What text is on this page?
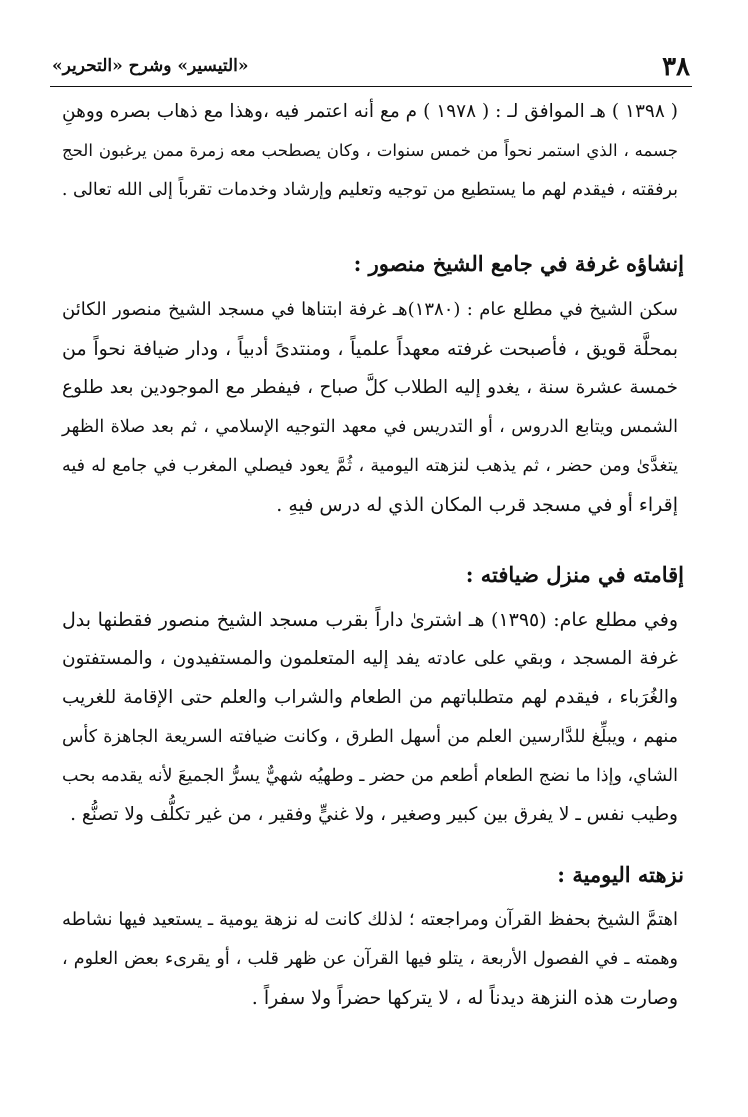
٣٨
«التيسير» وشرح «التحرير»
( ١٣٩٨ ) هـ الموافق لـ : ( ١٩٧٨ ) م مع أنه اعتمر فيه ،وهذا مع ذهاب بصره ووهنِ
جسمه ، الذي استمر نحواً من خمس سنوات ، وكان يصطحب معه زمرة ممن يرغبون الحج
برفقته ، فيقدم لهم ما يستطيع من توجيه وتعليم وإرشاد وخدمات تقرباً إلى الله تعالى .
إنشاؤه غرفة في جامع الشيخ منصور :
سكن الشيخ في مطلع عام : (١٣٨٠)هـ غرفة ابتناها في مسجد الشيخ منصور الكائن
بمحلَّة قويق ، فأصبحت غرفته معهداً علمياً ، ومنتدىً أدبياً ، ودار ضيافة نحواً من
خمسة عشرة سنة ، يغدو إليه الطلاب كلَّ صباح ، فيفطر مع الموجودين بعد طلوع
الشمس ويتابع الدروس ، أو التدريس في معهد التوجيه الإسلامي ، ثم بعد صلاة الظهر
يتغدَّىٰ ومن حضر ، ثم يذهب لنزهته اليومية ، ثُمَّ يعود فيصلي المغرب في جامع له فيه
إقراء أو في مسجد قرب المكان الذي له درس فيهِ .
إقامته في منزل ضيافته :
وفي مطلع عام: (١٣٩٥) هـ اشترىٰ داراً بقرب مسجد الشيخ منصور فقطنها بدل
غرفة المسجد ، وبقي على عادته يفد إليه المتعلمون والمستفيدون ، والمستفتون
والغُرَباء ، فيقدم لهم متطلباتهم من الطعام والشراب والعلم حتى الإقامة للغريب
منهم ، ويبلِّغ للدَّارسين العلم من أسهل الطرق ، وكانت ضيافته السريعة الجاهزة كأس
الشاي، وإذا ما نضج الطعام أطعم من حضر ـ وطهيُه شهيٌّ يسرُّ الجميعَ لأنه يقدمه بحب
وطيب نفس ـ لا يفرق بين كبير وصغير ، ولا غنيٍّ وفقير ، من غير تكلُّف ولا تصنُّع .
نزهته اليومية :
اهتمَّ الشيخ بحفظ القرآن ومراجعته ؛ لذلك كانت له نزهة يومية ـ يستعيد فيها نشاطه
وهمته ـ في الفصول الأربعة ، يتلو فيها القرآن عن ظهر قلب ، أو يقرىء بعض العلوم ،
وصارت هذه النزهة ديدناً له ، لا يتركها حضراً ولا سفراً .
